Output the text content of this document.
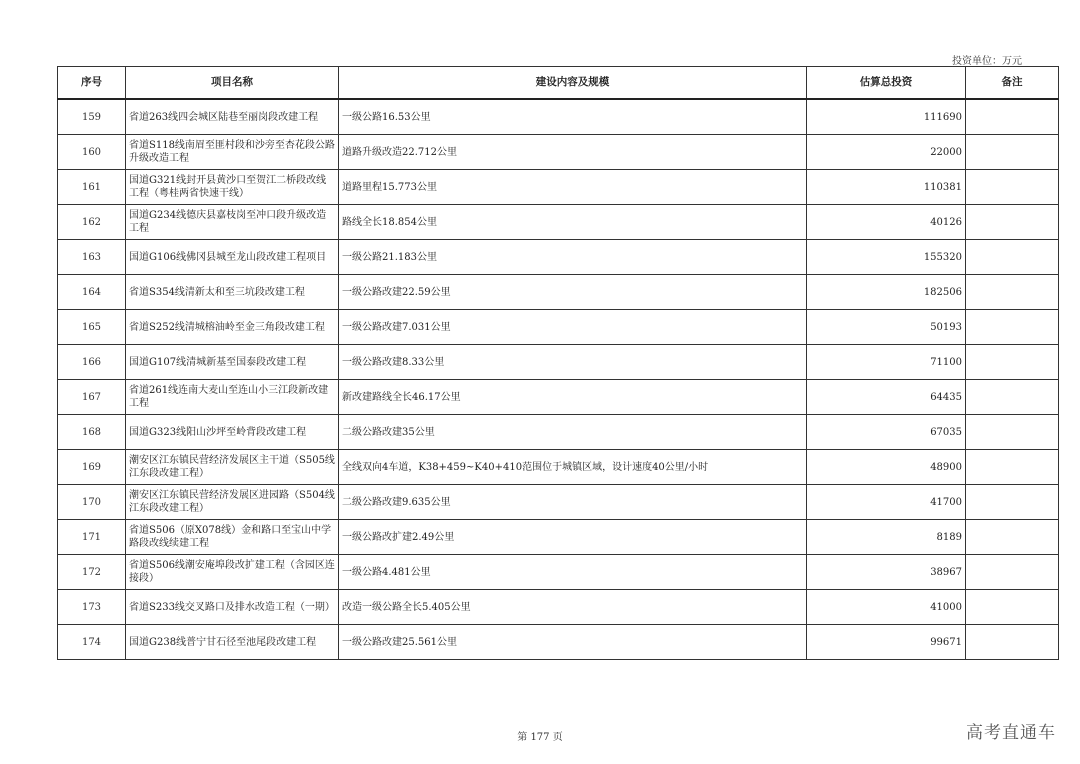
投资单位：万元
序号	项目名称	建设内容及规模	估算总投资	备注
159	省道263线四会城区陆巷至丽岗段改建工程	一级公路16.53公里	111690	
160	省道S118线南眉至匪村段和沙旁至杏花段公路升级改造工程	道路升级改造22.712公里	22000	
161	国道G321线封开县黄沙口至贺江二桥段改线工程（粤桂两省快速干线）	道路里程15.773公里	110381	
162	国道G234线德庆县嘉枝岗至冲口段升级改造工程	路线全长18.854公里	40126	
163	国道G106线佛冈县城至龙山段改建工程项目	一级公路21.183公里	155320	
164	省道S354线清新太和至三坑段改建工程	一级公路改建22.59公里	182506	
165	省道S252线清城榕油岭至金三角段改建工程	一级公路改建7.031公里	50193	
166	国道G107线清城新基至国泰段改建工程	一级公路改建8.33公里	71100	
167	省道261线连南大麦山至连山小三江段新改建工程	新改建路线全长46.17公里	64435	
168	国道G323线阳山沙坪至岭背段改建工程	二级公路改建35公里	67035	
169	潮安区江东镇民营经济发展区主干道（S505线江东段改建工程）	全线双向4车道，K38+459~K40+410范围位于城镇区域，设计速度40公里/小时	48900	
170	潮安区江东镇民营经济发展区进园路（S504线江东段改建工程）	二级公路改建9.635公里	41700	
171	省道S506（原X078线）金和路口至宝山中学路段改线续建工程	一级公路改扩建2.49公里	8189	
172	省道S506线潮安庵埠段改扩建工程（含园区连接段）	一级公路4.481公里	38967	
173	省道S233线交叉路口及排水改造工程（一期）	改造一级公路全长5.405公里	41000	
174	国道G238线普宁甘石径至池尾段改建工程	一级公路改建25.561公里	99671	
第 177 页	高考直通车
